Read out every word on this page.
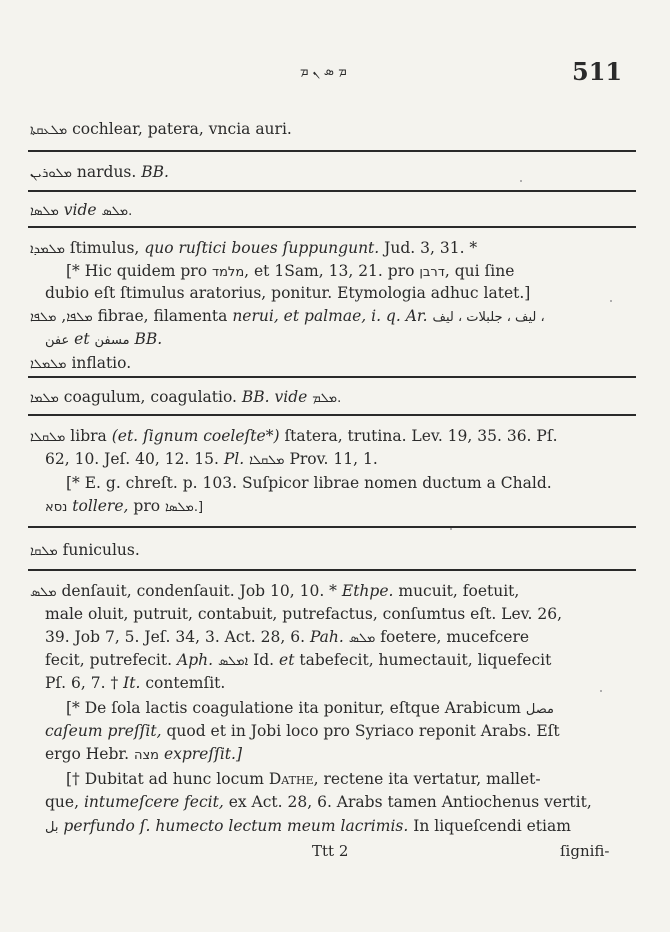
ܡ ܣ ܢ ܡ	511
ܡܠܥܩܬܐ cochlear, patera, vncia auri.
ܡܠܘܪܝܢ nardus. BB.
ܡܠܣܐ vide ܡܠܣ.
ܡܠܡܕܐ ſtimulus, quo ruſtici boues ſuppungunt. Jud. 3, 31. *
[* Hic quidem pro מלמד, et 1Sam, 13, 21. pro דרבן, qui ſine
dubio eſt ſtimulus aratorius, ponitur. Etymologia adhuc latet.]
ܡܠܦܐ, ܡܠܦܐ	fibrae, filamenta nerui, et palmae, i. q. Ar. ليف ، جلبلات ، ليف ،
عفن et مسفن BB.
ܡܠܡܠܐ inflatio.
ܡܠܡܐ coagulum, coagulatio. BB. vide ܡܠܡ.
ܡܠܩܠܐ libra (et. ſignum coeleſte*) ſtatera, trutina. Lev. 19, 35. 36. Pſ.
62, 10. Jeſ. 40, 12. 15. Pl. ܡܠܩܠܐ Prov. 11, 1.
[* E. g. chreſt. p. 103. Suſpicor librae nomen ductum a Chald.
נסא tollere, pro ܡܠܣܐ.]
ܡܠܩܐ funiculus.
ܡܠܣ denſauit, condenſauit. Job 10, 10. * Ethpe. mucuit, foetuit,
male oluit, putruit, contabuit, putrefactus, conſumtus eſt. Lev. 26,
39. Job 7, 5. Jeſ. 34, 3. Act. 28, 6. Pah. ܡܠܣ foetere, mucefcere
fecit, putrefecit. Aph. ܐܡܠܣ Id. et tabefecit, humectauit, liquefecit
Pſ. 6, 7. † It. contemſit.
[* De ſola lactis coagulatione ita ponitur, eſtque Arabicum مصل
caſeum preſſit, quod et in Jobi loco pro Syriaco reponit Arabs. Eſt
ergo Hebr. מצה expreſſit.]
[† Dubitat ad hunc locum Dathe, rectene ita vertatur, mallet-
que, intumeſcere fecit, ex Act. 28, 6. Arabs tamen Antiochenus vertit,
بل perfundo ſ. humecto lectum meum lacrimis. In liqueſcendi etiam
Ttt 2	ſignifi-
